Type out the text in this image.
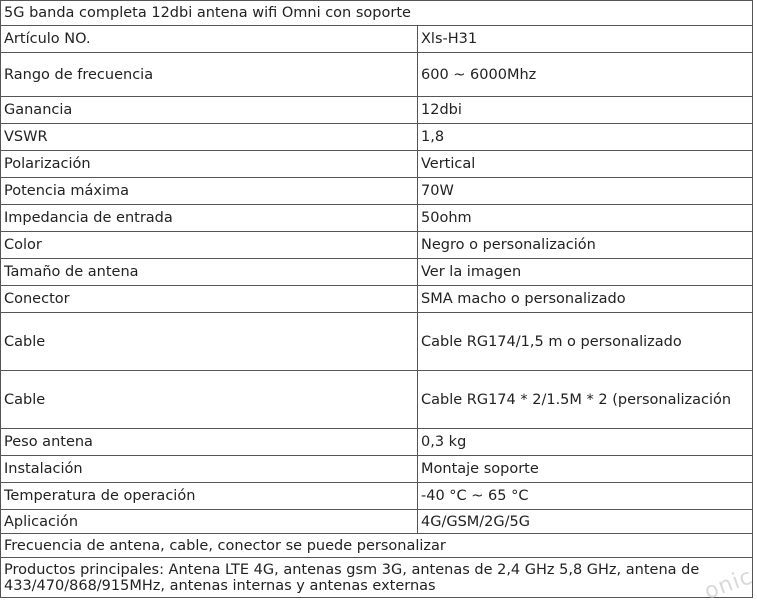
5G banda completa 12dbi antena wifi Omni con soporte	
Artículo NO.	Xls-H31
Rango de frecuencia	600 ~ 6000Mhz
Ganancia	12dbi
VSWR	1,8
Polarización	Vertical
Potencia máxima	70W
Impedancia de entrada	50ohm
Color	Negro o personalización
Tamaño de antena	Ver la imagen
Conector	SMA macho o personalizado
Cable	Cable RG174/1,5 m o personalizado
Cable	Cable RG174 * 2/1.5M * 2 (personalización
Peso antena	0,3 kg
Instalación	Montaje soporte
Temperatura de operación	-40 °C ~ 65 °C
Aplicación	4G/GSM/2G/5G
Frecuencia de antena, cable, conector se puede personalizar	
Productos principales: Antena LTE 4G, antenas gsm 3G, antenas de 2,4 GHz 5,8 GHz, antena de 433/470/868/915MHz, antenas internas y antenas externas		onic
